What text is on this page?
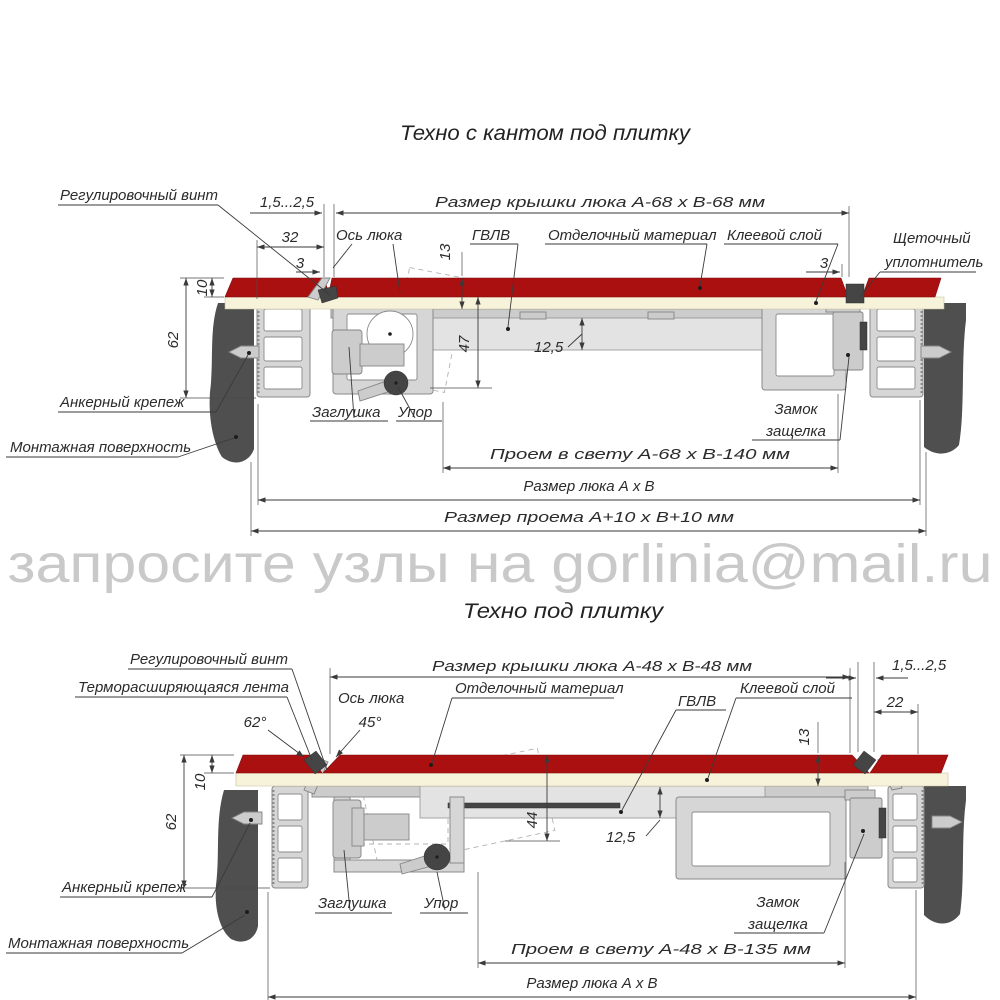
Техно с кантом под плитку
Регулировочный винт	1,5...2,5	Размер крышки люка А-68 х В-68 мм
32	Ось люка
3
13
ГВЛВ	Отделочный материал Клеевой слой
3
Щеточный
уплотнитель
10
62	47	12,5
Анкерный крепеж
Заглушка Упор	Замок
защелка
Монтажная поверхность	Проем в свету А-68 х В-140 мм
Размер люка А х В
Размер проема А+10 х В+10 мм
запросите узлы на gorlinia@mail.ru
Техно под плитку
Регулировочный винт
Терморасширяющаяся лента
62°
Ось люка
45°
Размер крышки люка А-48 х В-48 мм
Отделочный материал
ГВЛВ
Клеевой слой
1,5...2,5
22
13
10
62	44
12,5
Анкерный крепеж
Заглушка	Упор	Замок
защелка
Монтажная поверхность	Проем в свету А-48 х В-135 мм
Размер люка А х В
